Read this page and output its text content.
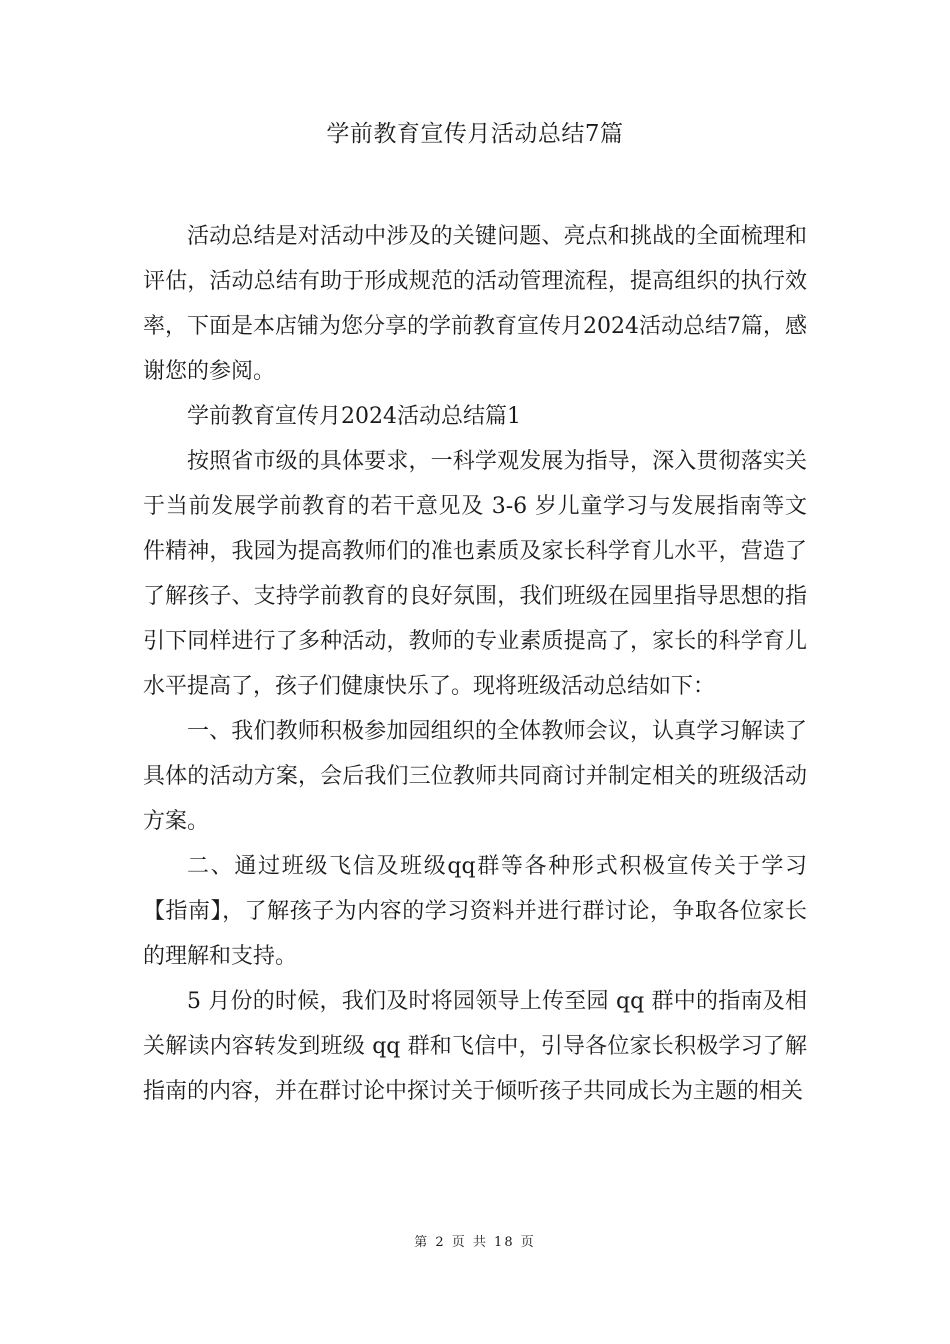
学前教育宣传月活动总结7篇

活动总结是对活动中涉及的关键问题、亮点和挑战的全面梳理和评估，活动总结有助于形成规范的活动管理流程，提高组织的执行效率，下面是本店铺为您分享的学前教育宣传月2024活动总结7篇，感谢您的参阅。

学前教育宣传月2024活动总结篇1

按照省市级的具体要求，一科学观发展为指导，深入贯彻落实关于当前发展学前教育的若干意见及 3-6 岁儿童学习与发展指南等文件精神，我园为提高教师们的准也素质及家长科学育儿水平，营造了了解孩子、支持学前教育的良好氛围，我们班级在园里指导思想的指引下同样进行了多种活动，教师的专业素质提高了，家长的科学育儿水平提高了，孩子们健康快乐了。现将班级活动总结如下：

一、我们教师积极参加园组织的全体教师会议，认真学习解读了具体的活动方案，会后我们三位教师共同商讨并制定相关的班级活动方案。

二、通过班级飞信及班级qq群等各种形式积极宣传关于学习【指南】，了解孩子为内容的学习资料并进行群讨论，争取各位家长的理解和支持。

5 月份的时候，我们及时将园领导上传至园 qq 群中的指南及相关解读内容转发到班级 qq 群和飞信中，引导各位家长积极学习了解指南的内容，并在群讨论中探讨关于倾听孩子共同成长为主题的相关

第 2 页 共 18 页
